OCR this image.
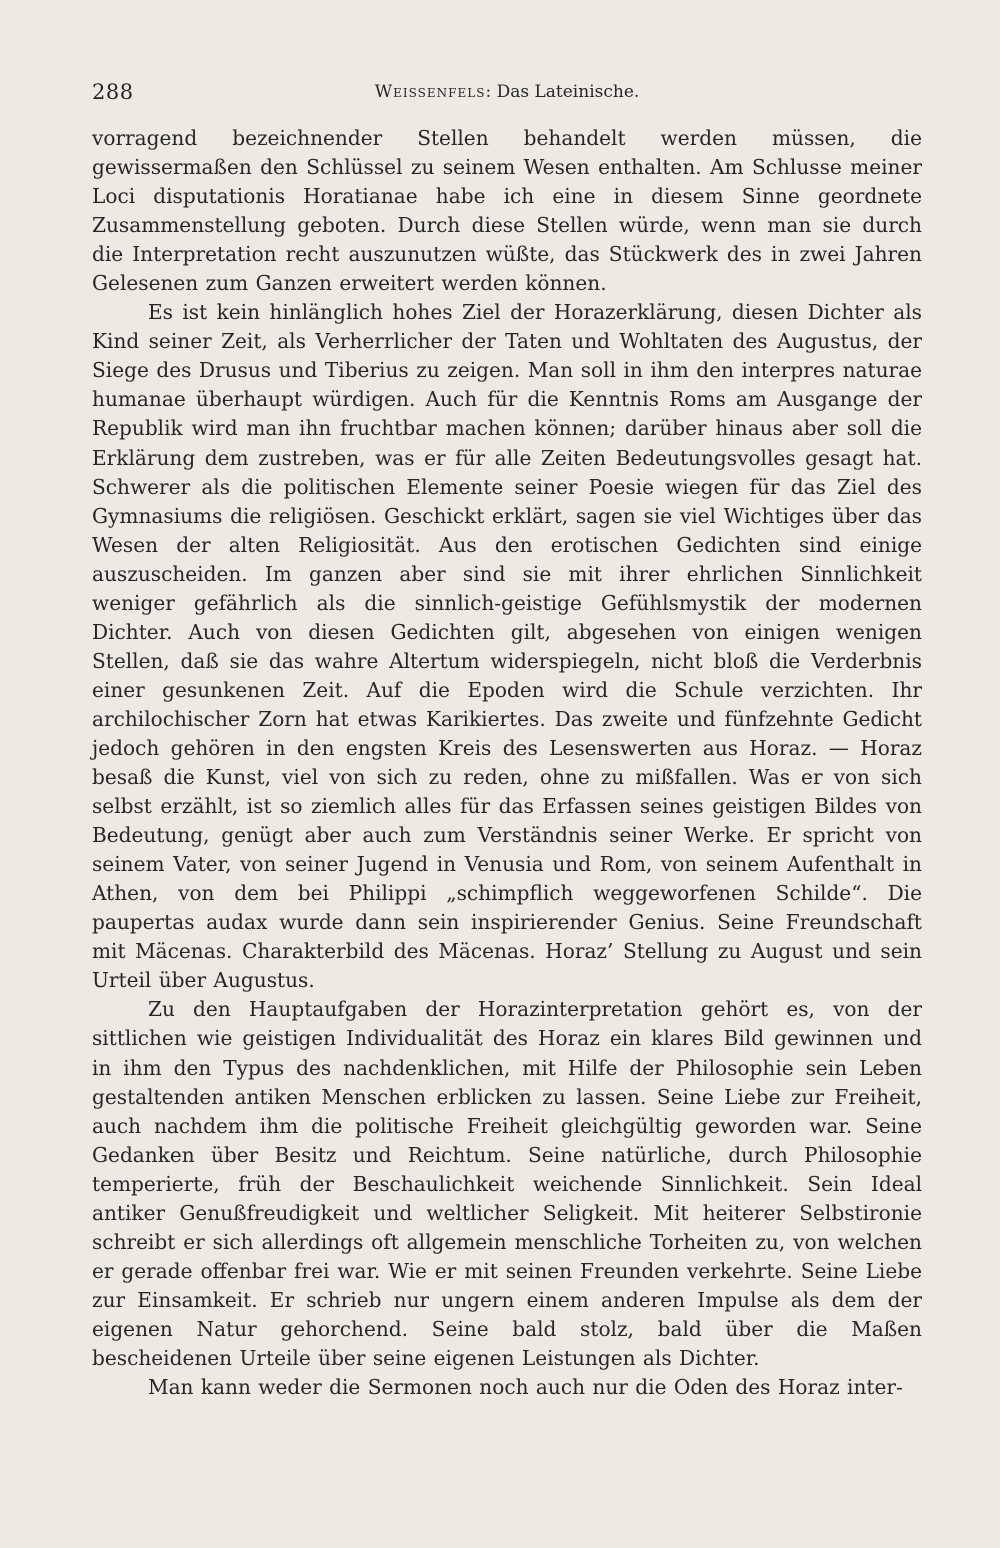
288	Weissenfels: Das Lateinische.

vorragend bezeichnender Stellen behandelt werden müssen, die gewissermaßen den Schlüssel zu seinem Wesen enthalten. Am Schlusse meiner Loci disputationis Horatianae habe ich eine in diesem Sinne geordnete Zusammenstellung geboten. Durch diese Stellen würde, wenn man sie durch die Interpretation recht auszunutzen wüßte, das Stückwerk des in zwei Jahren Gelesenen zum Ganzen erweitert werden können.

Es ist kein hinlänglich hohes Ziel der Horazerklärung, diesen Dichter als Kind seiner Zeit, als Verherrlicher der Taten und Wohltaten des Augustus, der Siege des Drusus und Tiberius zu zeigen. Man soll in ihm den interpres naturae humanae überhaupt würdigen. Auch für die Kenntnis Roms am Ausgange der Republik wird man ihn fruchtbar machen können; darüber hinaus aber soll die Erklärung dem zustreben, was er für alle Zeiten Bedeutungsvolles gesagt hat. Schwerer als die politischen Elemente seiner Poesie wiegen für das Ziel des Gymnasiums die religiösen. Geschickt erklärt, sagen sie viel Wichtiges über das Wesen der alten Religiosität. Aus den erotischen Gedichten sind einige auszuscheiden. Im ganzen aber sind sie mit ihrer ehrlichen Sinnlichkeit weniger gefährlich als die sinnlich-geistige Gefühlsmystik der modernen Dichter. Auch von diesen Gedichten gilt, abgesehen von einigen wenigen Stellen, daß sie das wahre Altertum widerspiegeln, nicht bloß die Verderbnis einer gesunkenen Zeit. Auf die Epoden wird die Schule verzichten. Ihr archilochischer Zorn hat etwas Karikiertes. Das zweite und fünfzehnte Gedicht jedoch gehören in den engsten Kreis des Lesenswerten aus Horaz. — Horaz besaß die Kunst, viel von sich zu reden, ohne zu mißfallen. Was er von sich selbst erzählt, ist so ziemlich alles für das Erfassen seines geistigen Bildes von Bedeutung, genügt aber auch zum Verständnis seiner Werke. Er spricht von seinem Vater, von seiner Jugend in Venusia und Rom, von seinem Aufenthalt in Athen, von dem bei Philippi „schimpflich weggeworfenen Schilde“. Die paupertas audax wurde dann sein inspirierender Genius. Seine Freundschaft mit Mäcenas. Charakterbild des Mäcenas. Horaz’ Stellung zu August und sein Urteil über Augustus.

Zu den Hauptaufgaben der Horazinterpretation gehört es, von der sittlichen wie geistigen Individualität des Horaz ein klares Bild gewinnen und in ihm den Typus des nachdenklichen, mit Hilfe der Philosophie sein Leben gestaltenden antiken Menschen erblicken zu lassen. Seine Liebe zur Freiheit, auch nachdem ihm die politische Freiheit gleichgültig geworden war. Seine Gedanken über Besitz und Reichtum. Seine natürliche, durch Philosophie temperierte, früh der Beschaulichkeit weichende Sinnlichkeit. Sein Ideal antiker Genußfreudigkeit und weltlicher Seligkeit. Mit heiterer Selbstironie schreibt er sich allerdings oft allgemein menschliche Torheiten zu, von welchen er gerade offenbar frei war. Wie er mit seinen Freunden verkehrte. Seine Liebe zur Einsamkeit. Er schrieb nur ungern einem anderen Impulse als dem der eigenen Natur gehorchend. Seine bald stolz, bald über die Maßen bescheidenen Urteile über seine eigenen Leistungen als Dichter.

Man kann weder die Sermonen noch auch nur die Oden des Horaz inter-
